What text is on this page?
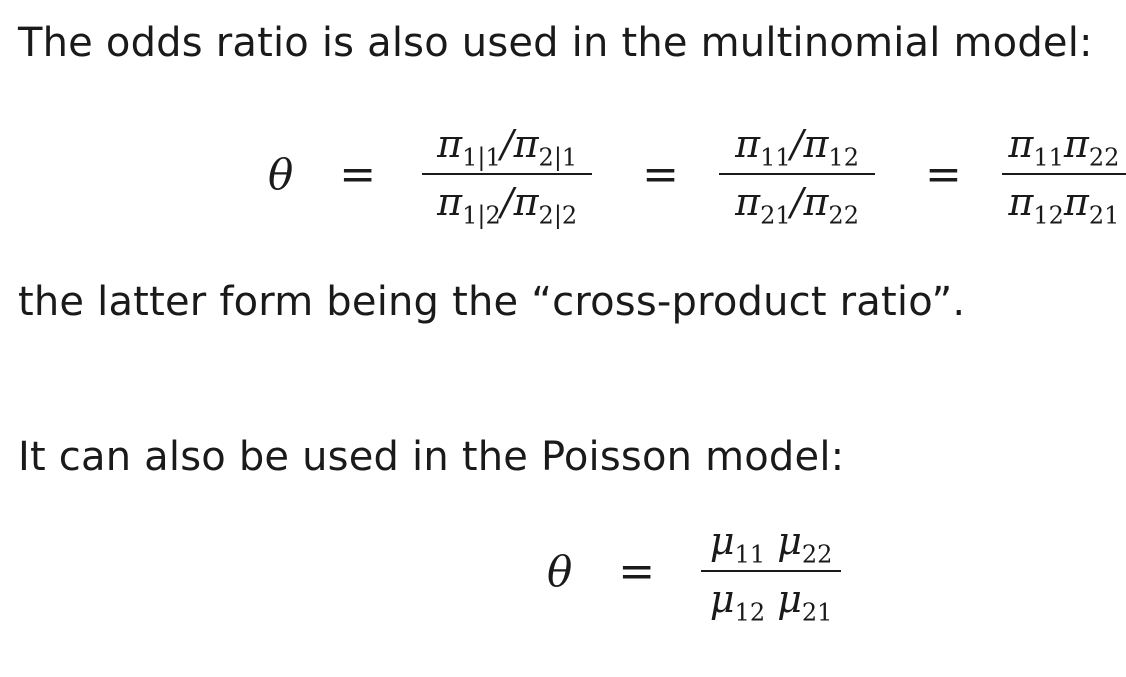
The odds ratio is also used in the multinomial model:
$\theta = \frac{\pi_{1|1}/\pi_{2|1}}{\pi_{1|2}/\pi_{2|2}} = \frac{\pi_{11}/\pi_{12}}{\pi_{21}/\pi_{22}} = \frac{\pi_{11}\pi_{22}}{\pi_{12}\pi_{21}}$
the latter form being the “cross-product ratio”.
It can also be used in the Poisson model:
$\theta = \frac{\mu_{11} \mu_{22}}{\mu_{12} \mu_{21}}$
